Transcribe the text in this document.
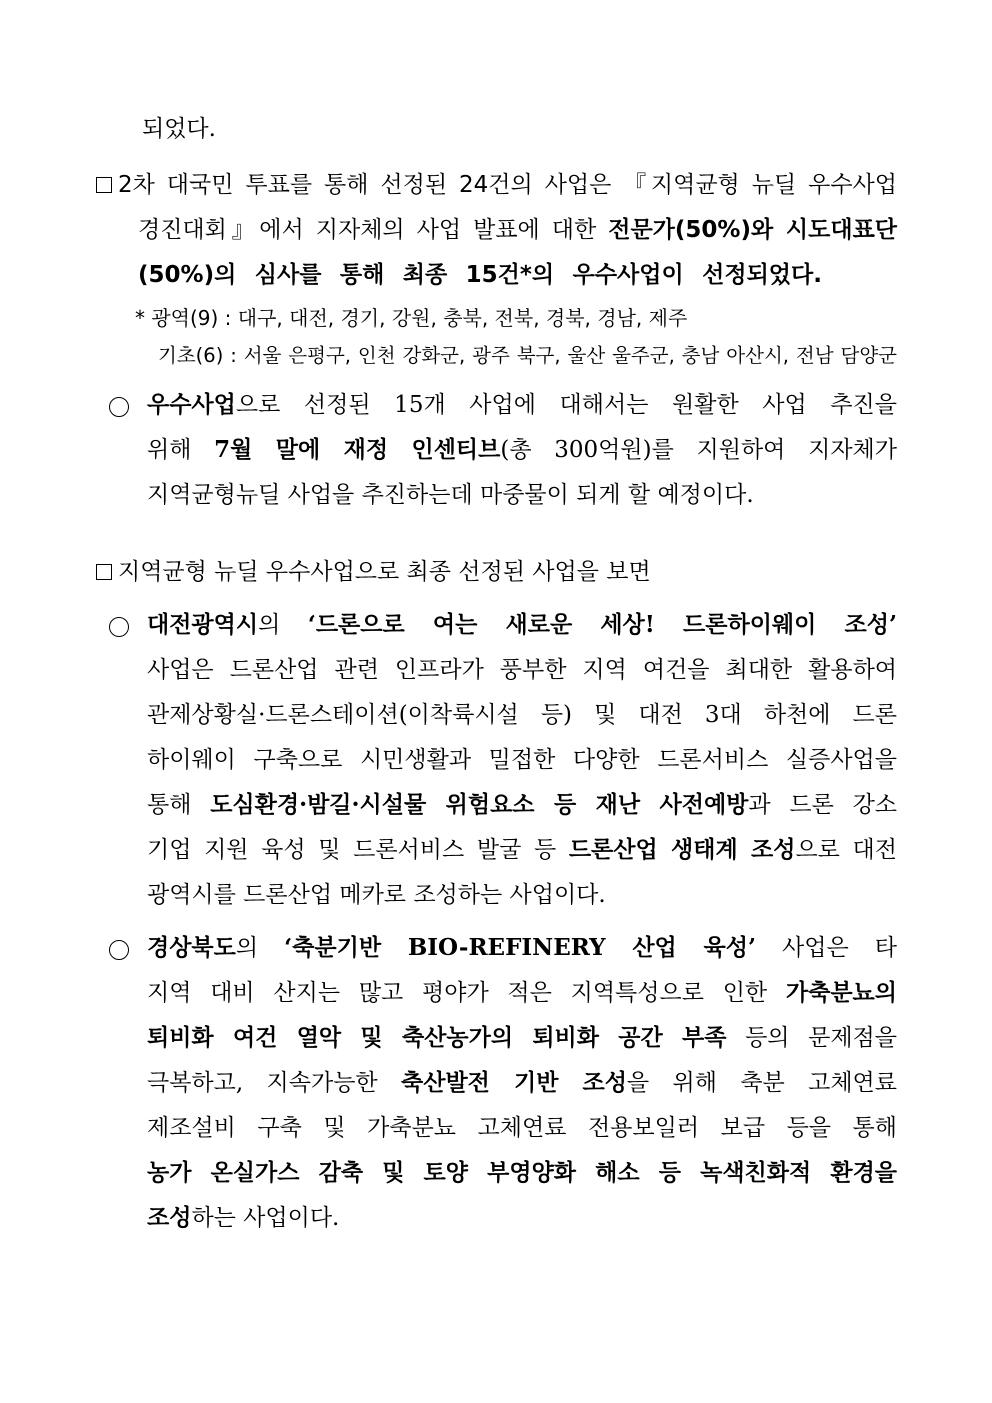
되었다.
2차 대국민 투표를 통해 선정된 24건의 사업은 『지역균형 뉴딜 우수사업
경진대회』에서 지자체의 사업 발표에 대한 전문가(50%)와 시도대표단
(50%)의 심사를 통해 최종 15건*의 우수사업이 선정되었다.
* 광역(9) : 대구, 대전, 경기, 강원, 충북, 전북, 경북, 경남, 제주
기초(6) : 서울 은평구, 인천 강화군, 광주 북구, 울산 울주군, 충남 아산시, 전남 담양군
우수사업으로 선정된 15개 사업에 대해서는 원활한 사업 추진을
위해 7월 말에 재정 인센티브(총 300억원)를 지원하여 지자체가
지역균형뉴딜 사업을 추진하는데 마중물이 되게 할 예정이다.
지역균형 뉴딜 우수사업으로 최종 선정된 사업을 보면
대전광역시의 ‘드론으로 여는 새로운 세상! 드론하이웨이 조성’
사업은 드론산업 관련 인프라가 풍부한 지역 여건을 최대한 활용하여
관제상황실·드론스테이션(이착륙시설 등) 및 대전 3대 하천에 드론
하이웨이 구축으로 시민생활과 밀접한 다양한 드론서비스 실증사업을
통해 도심환경·밤길·시설물 위험요소 등 재난 사전예방과 드론 강소
기업 지원 육성 및 드론서비스 발굴 등 드론산업 생태계 조성으로 대전
광역시를 드론산업 메카로 조성하는 사업이다.
경상북도의 ‘축분기반 BIO-REFINERY 산업 육성’ 사업은 타
지역 대비 산지는 많고 평야가 적은 지역특성으로 인한 가축분뇨의
퇴비화 여건 열악 및 축산농가의 퇴비화 공간 부족 등의 문제점을
극복하고, 지속가능한 축산발전 기반 조성을 위해 축분 고체연료
제조설비 구축 및 가축분뇨 고체연료 전용보일러 보급 등을 통해
농가 온실가스 감축 및 토양 부영양화 해소 등 녹색친화적 환경을
조성하는 사업이다.
